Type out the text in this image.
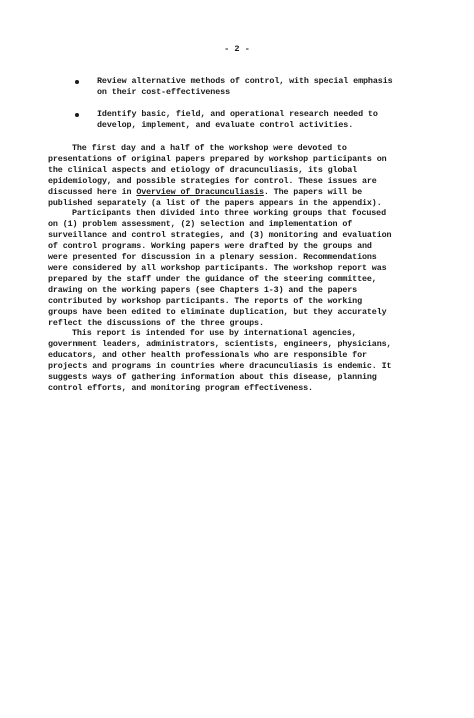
- 2 -
Review alternative methods of control, with special emphasis
on their cost-effectiveness
Identify basic, field, and operational research needed to
develop, implement, and evaluate control activities.

The first day and a half of the workshop were devoted to
presentations of original papers prepared by workshop participants on
the clinical aspects and etiology of dracunculiasis, its global
epidemiology, and possible strategies for control. These issues are
discussed here in Overview of Dracunculiasis. The papers will be
published separately (a list of the papers appears in the appendix).

Participants then divided into three working groups that focused
on (1) problem assessment, (2) selection and implementation of
surveillance and control strategies, and (3) monitoring and evaluation
of control programs. Working papers were drafted by the groups and
were presented for discussion in a plenary session. Recommendations
were considered by all workshop participants. The workshop report was
prepared by the staff under the guidance of the steering committee,
drawing on the working papers (see Chapters 1-3) and the papers
contributed by workshop participants. The reports of the working
groups have been edited to eliminate duplication, but they accurately
reflect the discussions of the three groups.

This report is intended for use by international agencies,
government leaders, administrators, scientists, engineers, physicians,
educators, and other health professionals who are responsible for
projects and programs in countries where dracunculiasis is endemic. It
suggests ways of gathering information about this disease, planning
control efforts, and monitoring program effectiveness.
